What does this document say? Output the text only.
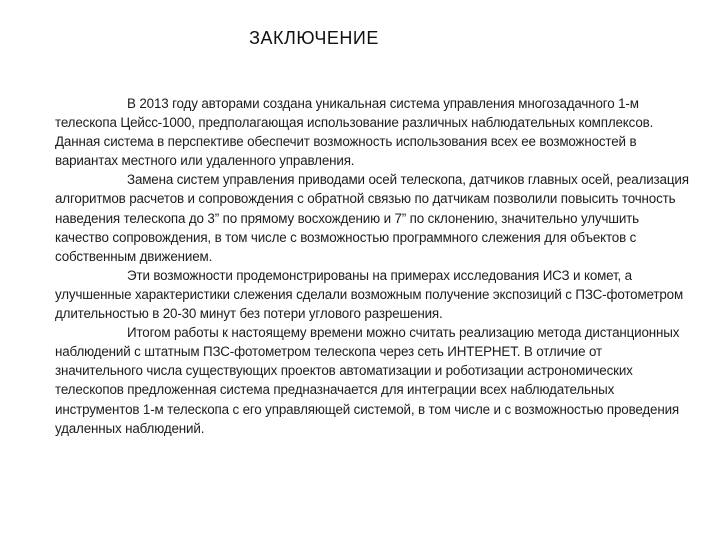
ЗАКЛЮЧЕНИЕ

В 2013 году авторами создана уникальная система управления многозадачного 1-м телескопа Цейсс-1000, предполагающая использование различных наблюдательных комплексов. Данная система в перспективе обеспечит возможность использования всех ее возможностей в вариантах местного или удаленного управления.

Замена систем управления приводами осей телескопа, датчиков главных осей, реализация алгоритмов расчетов и сопровождения с обратной связью по датчикам позволили повысить точность наведения телескопа до 3” по прямому восхождению и 7” по склонению, значительно улучшить качество сопровождения, в том числе с возможностью программного слежения для объектов с собственным движением.

Эти возможности продемонстрированы на примерах исследования ИСЗ и комет, а улучшенные характеристики слежения сделали возможным получение экспозиций с ПЗС-фотометром длительностью в 20-30 минут без потери углового разрешения.

Итогом работы к настоящему времени можно считать реализацию метода дистанционных наблюдений с штатным ПЗС-фотометром телескопа через сеть ИНТЕРНЕТ. В отличие от значительного числа существующих проектов автоматизации и роботизации астрономических телескопов предложенная система предназначается для интеграции всех наблюдательных инструментов 1-м телескопа с его управляющей системой, в том числе и с возможностью проведения удаленных наблюдений.
